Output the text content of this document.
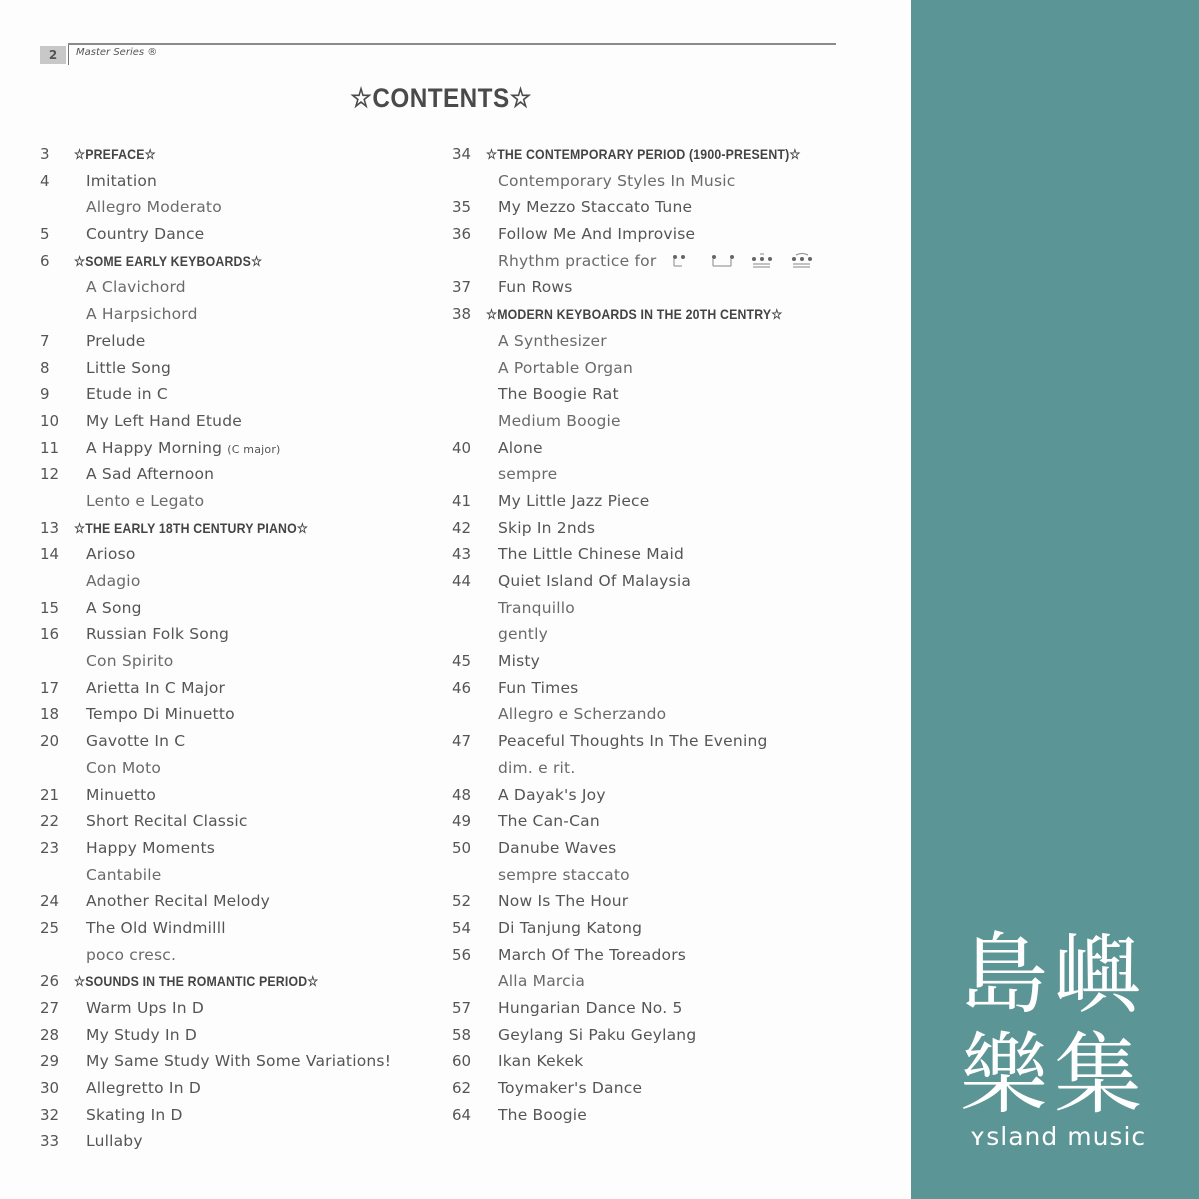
2	Master Series ®
☆CONTENTS☆
3	☆PREFACE☆
4	Imitation
Allegro Moderato
5	Country Dance
6	☆SOME EARLY KEYBOARDS☆
A Clavichord
A Harpsichord
7	Prelude
8	Little Song
9	Etude in C
10	My Left Hand Etude
11	A Happy Morning (C major)
12	A Sad Afternoon
Lento e Legato
13	☆THE EARLY 18TH CENTURY PIANO☆
14	Arioso
Adagio
15	A Song
16	Russian Folk Song
Con Spirito
17	Arietta In C Major
18	Tempo Di Minuetto
20	Gavotte In C
Con Moto
21	Minuetto
22	Short Recital Classic
23	Happy Moments
Cantabile
24	Another Recital Melody
25	The Old Windmilll
poco cresc.
26	☆SOUNDS IN THE ROMANTIC PERIOD☆
27	Warm Ups In D
28	My Study In D
29	My Same Study With Some Variations!
30	Allegretto In D
32	Skating In D
33	Lullaby
34	☆THE CONTEMPORARY PERIOD (1900-PRESENT)☆
Contemporary Styles In Music
35	My Mezzo Staccato Tune
36	Follow Me And Improvise
Rhythm practice for
37	Fun Rows
38	☆MODERN KEYBOARDS IN THE 20TH CENTRY☆
A Synthesizer
A Portable Organ
The Boogie Rat
Medium Boogie
40	Alone
sempre
41	My Little Jazz Piece
42	Skip In 2nds
43	The Little Chinese Maid
44	Quiet Island Of Malaysia
Tranquillo
gently
45	Misty
46	Fun Times
Allegro e Scherzando
47	Peaceful Thoughts In The Evening
dim. e rit.
48	A Dayak's Joy
49	The Can-Can
50	Danube Waves
sempre staccato
52	Now Is The Hour
54	Di Tanjung Katong
56	March Of The Toreadors
Alla Marcia
57	Hungarian Dance No. 5
58	Geylang Si Paku Geylang
60	Ikan Kekek
62	Toymaker's Dance
64	The Boogie
島嶼
樂集
ʏsland music
